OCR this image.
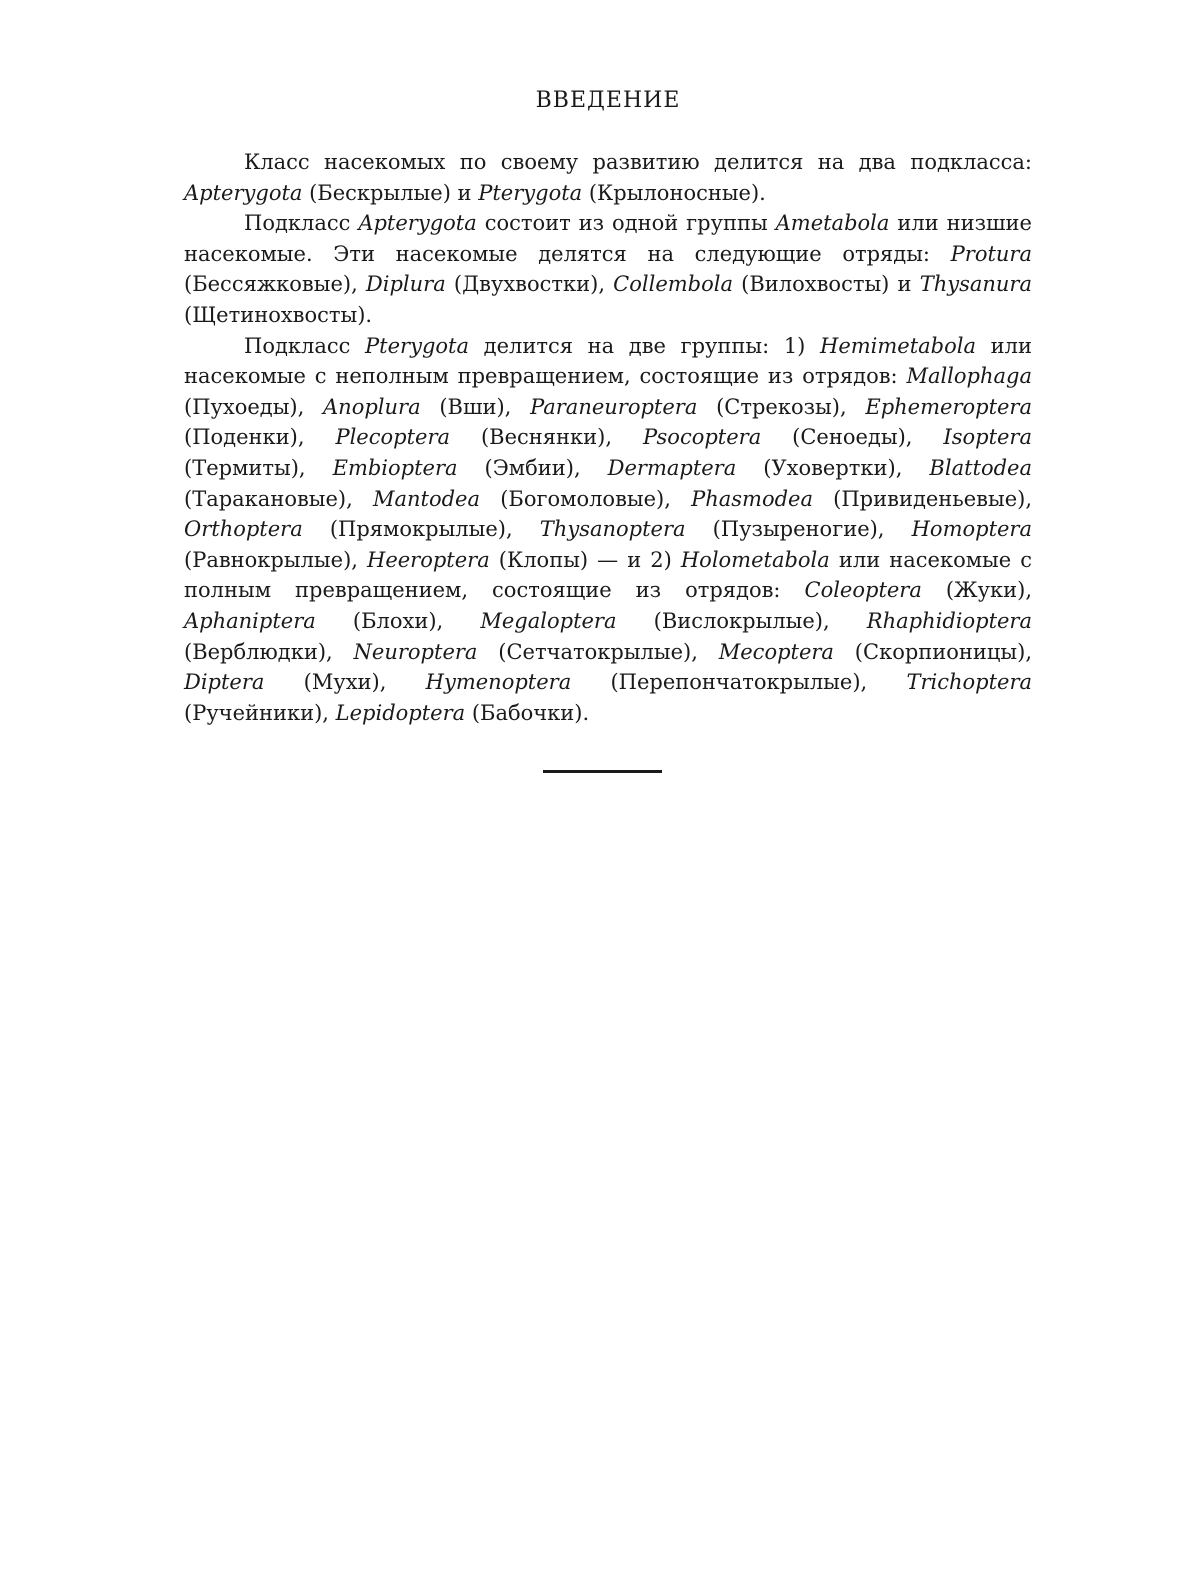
ВВЕДЕНИЕ

Класс насекомых по своему развитию делится на два подкласса: Apterygota (Бескрылые) и Pterygota (Крылоносные).

Подкласс Apterygota состоит из одной группы Ametabola или низшие насекомые. Эти насекомые делятся на следующие отряды: Protura (Бессяжковые), Diplura (Двухвостки), Collembola (Вилохвосты) и Thysanura (Щетинохвосты).

Подкласс Pterygota делится на две группы: 1) Hemimetabola или насекомые с неполным превращением, состоящие из отрядов: Mallophaga (Пухоеды), Anoplura (Вши), Paraneuroptera (Стрекозы), Ephemeroptera (Поденки), Plecoptera (Веснянки), Psocoptera (Сеноеды), Isoptera (Термиты), Embioptera (Эмбии), Dermaptera (Уховертки), Blattodea (Таракановые), Mantodea (Богомоловые), Phasmodea (Привиденьевые), Orthoptera (Прямокрылые), Thysanoptera (Пузыреногие), Homoptera (Равнокрылые), Heeroptera (Клопы) — и 2) Holometabola или насекомые с полным превращением, состоящие из отрядов: Coleoptera (Жуки), Aphaniptera (Блохи), Megaloptera (Вислокрылые), Rhaphidioptera (Верблюдки), Neuroptera (Сетчатокрылые), Mecoptera (Скорпионицы), Diptera (Мухи), Hymenoptera (Перепончатокрылые), Trichoptera (Ручейники), Lepidoptera (Бабочки).
